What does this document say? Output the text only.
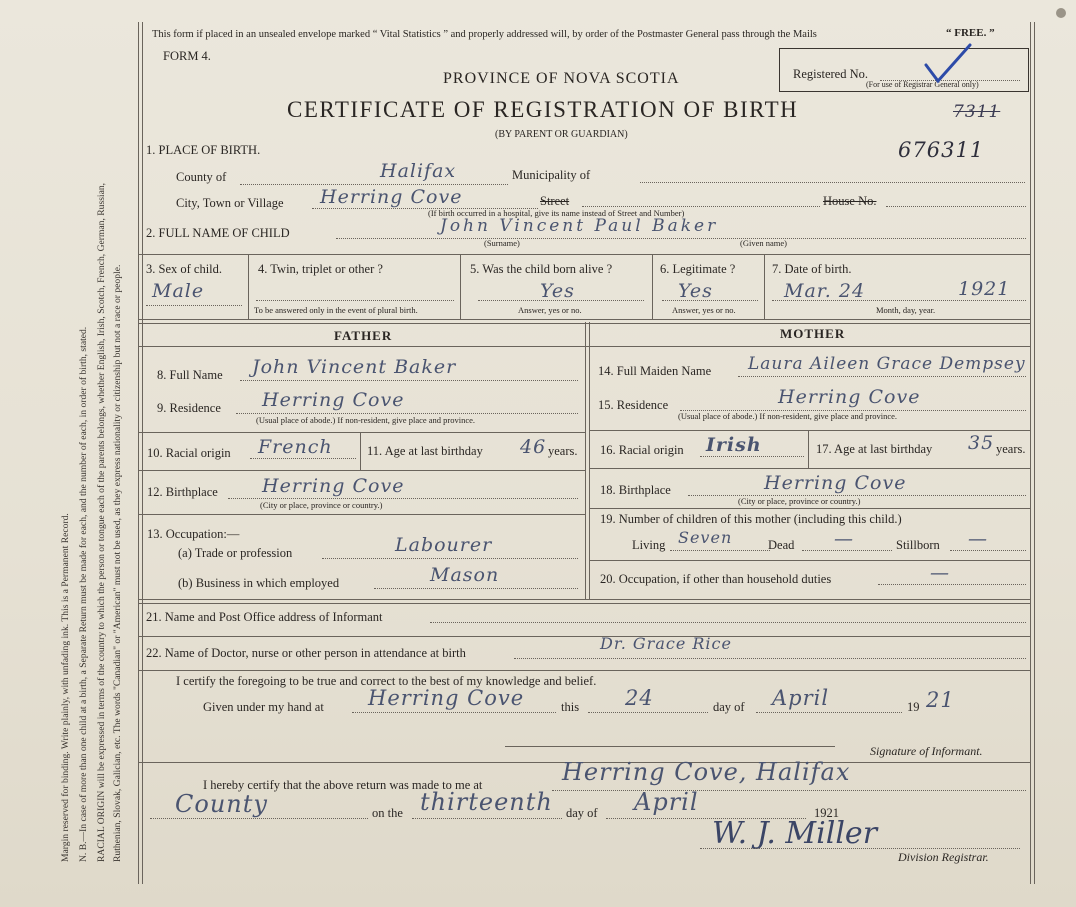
Margin reserved for binding. Write plainly, with unfading ink. This is a Permanent Record. N. B.—In case of more than one child at a birth, a Separate Return must be made for each, and the number of each, in order of birth, stated. RACIAL ORIGIN will be expressed in terms of the country to which the person or tongue each of the parents belongs, whether English, Irish, Scotch, French, German, Russian, Ruthenian, Slovak, Galician, etc. The words "Canadian" or "American" must not be used, as they express nationality or citizenship but not a race or people.
This form if placed in an unsealed envelope marked “ Vital Statistics ” and properly addressed will, by order of the Postmaster General pass through the Mails	“ FREE. ”
FORM 4.
PROVINCE OF NOVA SCOTIA
CERTIFICATE OF REGISTRATION OF BIRTH
(BY PARENT OR GUARDIAN)
Registered No.
(For use of Registrar General only)
7311
676311
1. PLACE OF BIRTH.
County of	Halifax	Municipality of
City, Town or Village Herring Cove	Street	House No.
(If birth occurred in a hospital, give its name instead of Street and Number)
2. FULL NAME OF CHILD	John Vincent Paul Baker
(Surname)	(Given name)
3. Sex of child.
Male
4. Twin, triplet or other ?
To be answered only in the event of plural birth.
5. Was the child born alive ?
Yes
Answer, yes or no.
6. Legitimate ?
Yes
Answer, yes or no.
7. Date of birth.
Mar. 24	1921
Month, day, year.
FATHER	MOTHER
8. Full Name John Vincent Baker
9. Residence Herring Cove
(Usual place of abode.) If non-resident, give place and province.
10. Racial origin French	11. Age at last birthday 46 years.
12. Birthplace Herring Cove
(City or place, province or country.)
13. Occupation:—
(a) Trade or profession	Labourer
(b) Business in which employed	Mason
14. Full Maiden Name Laura Aileen Grace Dempsey
15. Residence	Herring Cove
(Usual place of abode.) If non-resident, give place and province.
16. Racial origin Irish	17. Age at last birthday 35 years.
18. Birthplace	Herring Cove
(City or place, province or country.)
19. Number of children of this mother (including this child.)
Living Seven	Dead —	Stillborn —
20. Occupation, if other than household duties	—
21. Name and Post Office address of Informant
22. Name of Doctor, nurse or other person in attendance at birth	Dr. Grace Rice
I certify the foregoing to be true and correct to the best of my knowledge and belief.
Given under my hand at Herring Cove	this 24	day of April	19 21
Signature of Informant.
I hereby certify that the above return was made to me at	Herring Cove, Halifax
County	on the thirteenth day of April	1921
W. J. Miller
Division Registrar.
